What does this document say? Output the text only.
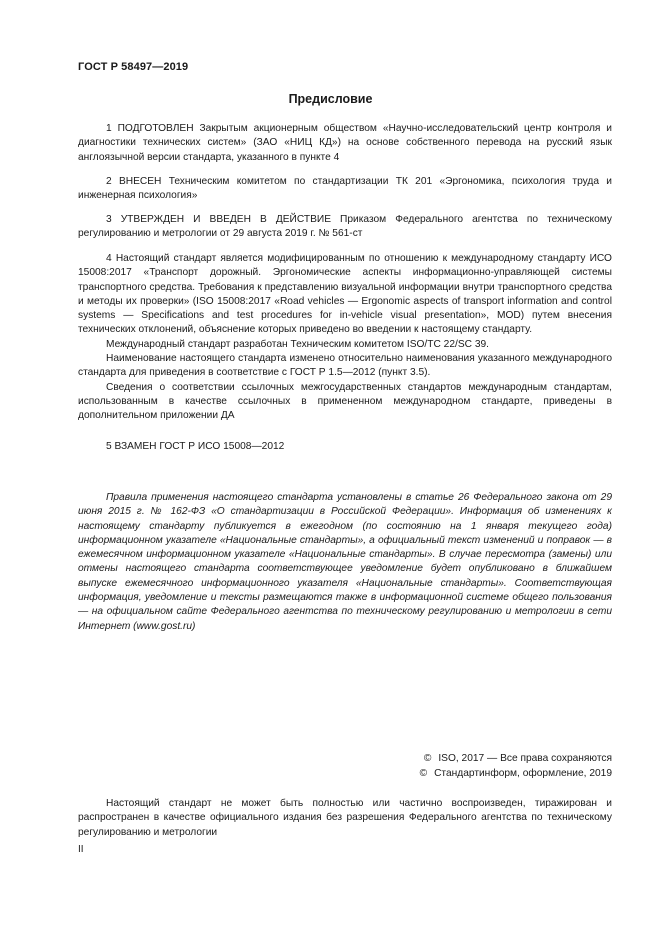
ГОСТ Р 58497—2019
Предисловие

1 ПОДГОТОВЛЕН Закрытым акционерным обществом «Научно-исследовательский центр контроля и диагностики технических систем» (ЗАО «НИЦ КД») на основе собственного перевода на русский язык англоязычной версии стандарта, указанного в пункте 4

2 ВНЕСЕН Техническим комитетом по стандартизации ТК 201 «Эргономика, психология труда и инженерная психология»

3 УТВЕРЖДЕН И ВВЕДЕН В ДЕЙСТВИЕ Приказом Федерального агентства по техническому регулированию и метрологии от 29 августа 2019 г. № 561-ст

4 Настоящий стандарт является модифицированным по отношению к международному стандарту ИСО 15008:2017 «Транспорт дорожный. Эргономические аспекты информационно-управляющей системы транспортного средства. Требования к представлению визуальной информации внутри транспортного средства и методы их проверки» (ISO 15008:2017 «Road vehicles — Ergonomic aspects of transport information and control systems — Specifications and test procedures for in-vehicle visual presentation», MOD) путем внесения технических отклонений, объяснение которых приведено во введении к настоящему стандарту.

Международный стандарт разработан Техническим комитетом ISO/TC 22/SC 39.

Наименование настоящего стандарта изменено относительно наименования указанного международного стандарта для приведения в соответствие с ГОСТ Р 1.5—2012 (пункт 3.5).

Сведения о соответствии ссылочных межгосударственных стандартов международным стандартам, использованным в качестве ссылочных в примененном международном стандарте, приведены в дополнительном приложении ДА

5 ВЗАМЕН ГОСТ Р ИСО 15008—2012

Правила применения настоящего стандарта установлены в статье 26 Федерального закона от 29 июня 2015 г. № 162-ФЗ «О стандартизации в Российской Федерации». Информация об изменениях к настоящему стандарту публикуется в ежегодном (по состоянию на 1 января текущего года) информационном указателе «Национальные стандарты», а официальный текст изменений и поправок — в ежемесячном информационном указателе «Национальные стандарты». В случае пересмотра (замены) или отмены настоящего стандарта соответствующее уведомление будет опубликовано в ближайшем выпуске ежемесячного информационного указателя «Национальные стандарты». Соответствующая информация, уведомление и тексты размещаются также в информационной системе общего пользования — на официальном сайте Федерального агентства по техническому регулированию и метрологии в сети Интернет (www.gost.ru)

© ISO, 2017 — Все права сохраняются
© Стандартинформ, оформление, 2019

Настоящий стандарт не может быть полностью или частично воспроизведен, тиражирован и распространен в качестве официального издания без разрешения Федерального агентства по техническому регулированию и метрологии

II
